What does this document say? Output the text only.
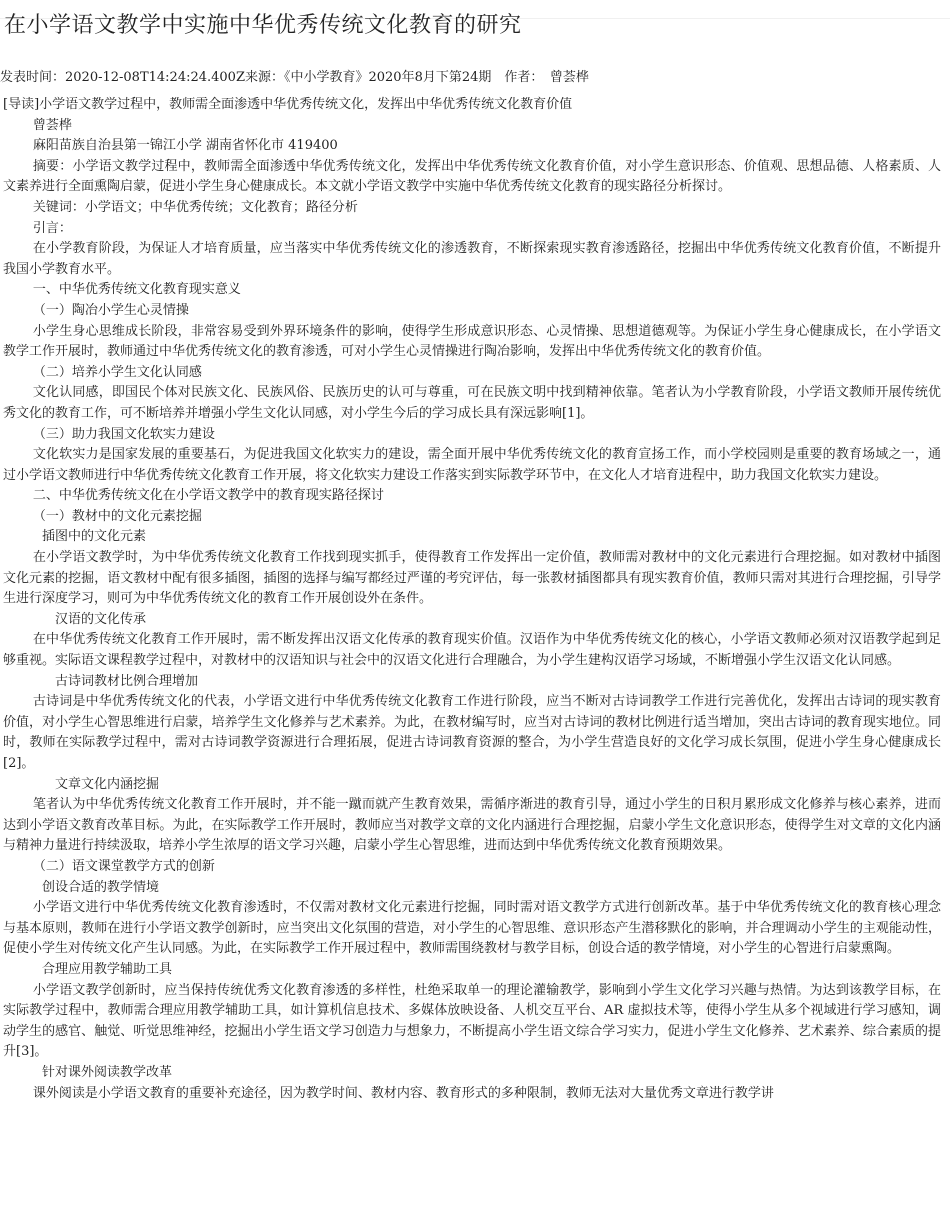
在小学语文教学中实施中华优秀传统文化教育的研究
发表时间：2020-12-08T14:24:24.400Z来源：《中小学教育》2020年8月下第24期　作者：　曾荟桦

[导读]小学语文教学过程中，教师需全面渗透中华优秀传统文化，发挥出中华优秀传统文化教育价值

曾荟桦

麻阳苗族自治县第一锦江小学 湖南省怀化市 419400

摘要：小学语文教学过程中，教师需全面渗透中华优秀传统文化，发挥出中华优秀传统文化教育价值，对小学生意识形态、价值观、思想品德、人格素质、人文素养进行全面熏陶启蒙，促进小学生身心健康成长。本文就小学语文教学中实施中华优秀传统文化教育的现实路径分析探讨。

关键词：小学语文；中华优秀传统；文化教育；路径分析

引言：

在小学教育阶段，为保证人才培育质量，应当落实中华优秀传统文化的渗透教育，不断探索现实教育渗透路径，挖掘出中华优秀传统文化教育价值，不断提升我国小学教育水平。

一、中华优秀传统文化教育现实意义

（一）陶冶小学生心灵情操

小学生身心思维成长阶段，非常容易受到外界环境条件的影响，使得学生形成意识形态、心灵情操、思想道德观等。为保证小学生身心健康成长，在小学语文教学工作开展时，教师通过中华优秀传统文化的教育渗透，可对小学生心灵情操进行陶冶影响，发挥出中华优秀传统文化的教育价值。

（二）培养小学生文化认同感

文化认同感，即国民个体对民族文化、民族风俗、民族历史的认可与尊重，可在民族文明中找到精神依靠。笔者认为小学教育阶段，小学语文教师开展传统优秀文化的教育工作，可不断培养并增强小学生文化认同感，对小学生今后的学习成长具有深远影响[1]。

（三）助力我国文化软实力建设

文化软实力是国家发展的重要基石，为促进我国文化软实力的建设，需全面开展中华优秀传统文化的教育宣扬工作，而小学校园则是重要的教育场域之一，通过小学语文教师进行中华优秀传统文化教育工作开展，将文化软实力建设工作落实到实际教学环节中，在文化人才培育进程中，助力我国文化软实力建设。

二、中华优秀传统文化在小学语文教学中的教育现实路径探讨

（一）教材中的文化元素挖掘

插图中的文化元素

在小学语文教学时，为中华优秀传统文化教育工作找到现实抓手，使得教育工作发挥出一定价值，教师需对教材中的文化元素进行合理挖掘。如对教材中插图文化元素的挖掘，语文教材中配有很多插图，插图的选择与编写都经过严谨的考究评估，每一张教材插图都具有现实教育价值，教师只需对其进行合理挖掘，引导学生进行深度学习，则可为中华优秀传统文化的教育工作开展创设外在条件。

汉语的文化传承

在中华优秀传统文化教育工作开展时，需不断发挥出汉语文化传承的教育现实价值。汉语作为中华优秀传统文化的核心，小学语文教师必须对汉语教学起到足够重视。实际语文课程教学过程中，对教材中的汉语知识与社会中的汉语文化进行合理融合，为小学生建构汉语学习场域，不断增强小学生汉语文化认同感。

古诗词教材比例合理增加

古诗词是中华优秀传统文化的代表，小学语文进行中华优秀传统文化教育工作进行阶段，应当不断对古诗词教学工作进行完善优化，发挥出古诗词的现实教育价值，对小学生心智思维进行启蒙，培养学生文化修养与艺术素养。为此，在教材编写时，应当对古诗词的教材比例进行适当增加，突出古诗词的教育现实地位。同时，教师在实际教学过程中，需对古诗词教学资源进行合理拓展，促进古诗词教育资源的整合，为小学生营造良好的文化学习成长氛围，促进小学生身心健康成长[2]。

文章文化内涵挖掘

笔者认为中华优秀传统文化教育工作开展时，并不能一蹴而就产生教育效果，需循序渐进的教育引导，通过小学生的日积月累形成文化修养与核心素养，进而达到小学语文教育改革目标。为此，在实际教学工作开展时，教师应当对教学文章的文化内涵进行合理挖掘，启蒙小学生文化意识形态，使得学生对文章的文化内涵与精神力量进行持续汲取，培养小学生浓厚的语文学习兴趣，启蒙小学生心智思维，进而达到中华优秀传统文化教育预期效果。

（二）语文课堂教学方式的创新

创设合适的教学情境

小学语文进行中华优秀传统文化教育渗透时，不仅需对教材文化元素进行挖掘，同时需对语文教学方式进行创新改革。基于中华优秀传统文化的教育核心理念与基本原则，教师在进行小学语文教学创新时，应当突出文化氛围的营造，对小学生的心智思维、意识形态产生潜移默化的影响，并合理调动小学生的主观能动性，促使小学生对传统文化产生认同感。为此，在实际教学工作开展过程中，教师需围绕教材与教学目标，创设合适的教学情境，对小学生的心智进行启蒙熏陶。

合理应用教学辅助工具

小学语文教学创新时，应当保持传统优秀文化教育渗透的多样性，杜绝采取单一的理论灌输教学，影响到小学生文化学习兴趣与热情。为达到该教学目标，在实际教学过程中，教师需合理应用教学辅助工具，如计算机信息技术、多媒体放映设备、人机交互平台、AR 虚拟技术等，使得小学生从多个视域进行学习感知，调动学生的感官、触觉、听觉思维神经，挖掘出小学生语文学习创造力与想象力，不断提高小学生语文综合学习实力，促进小学生文化修养、艺术素养、综合素质的提升[3]。

针对课外阅读教学改革

课外阅读是小学语文教育的重要补充途径，因为教学时间、教材内容、教育形式的多种限制，教师无法对大量优秀文章进行教学讲
